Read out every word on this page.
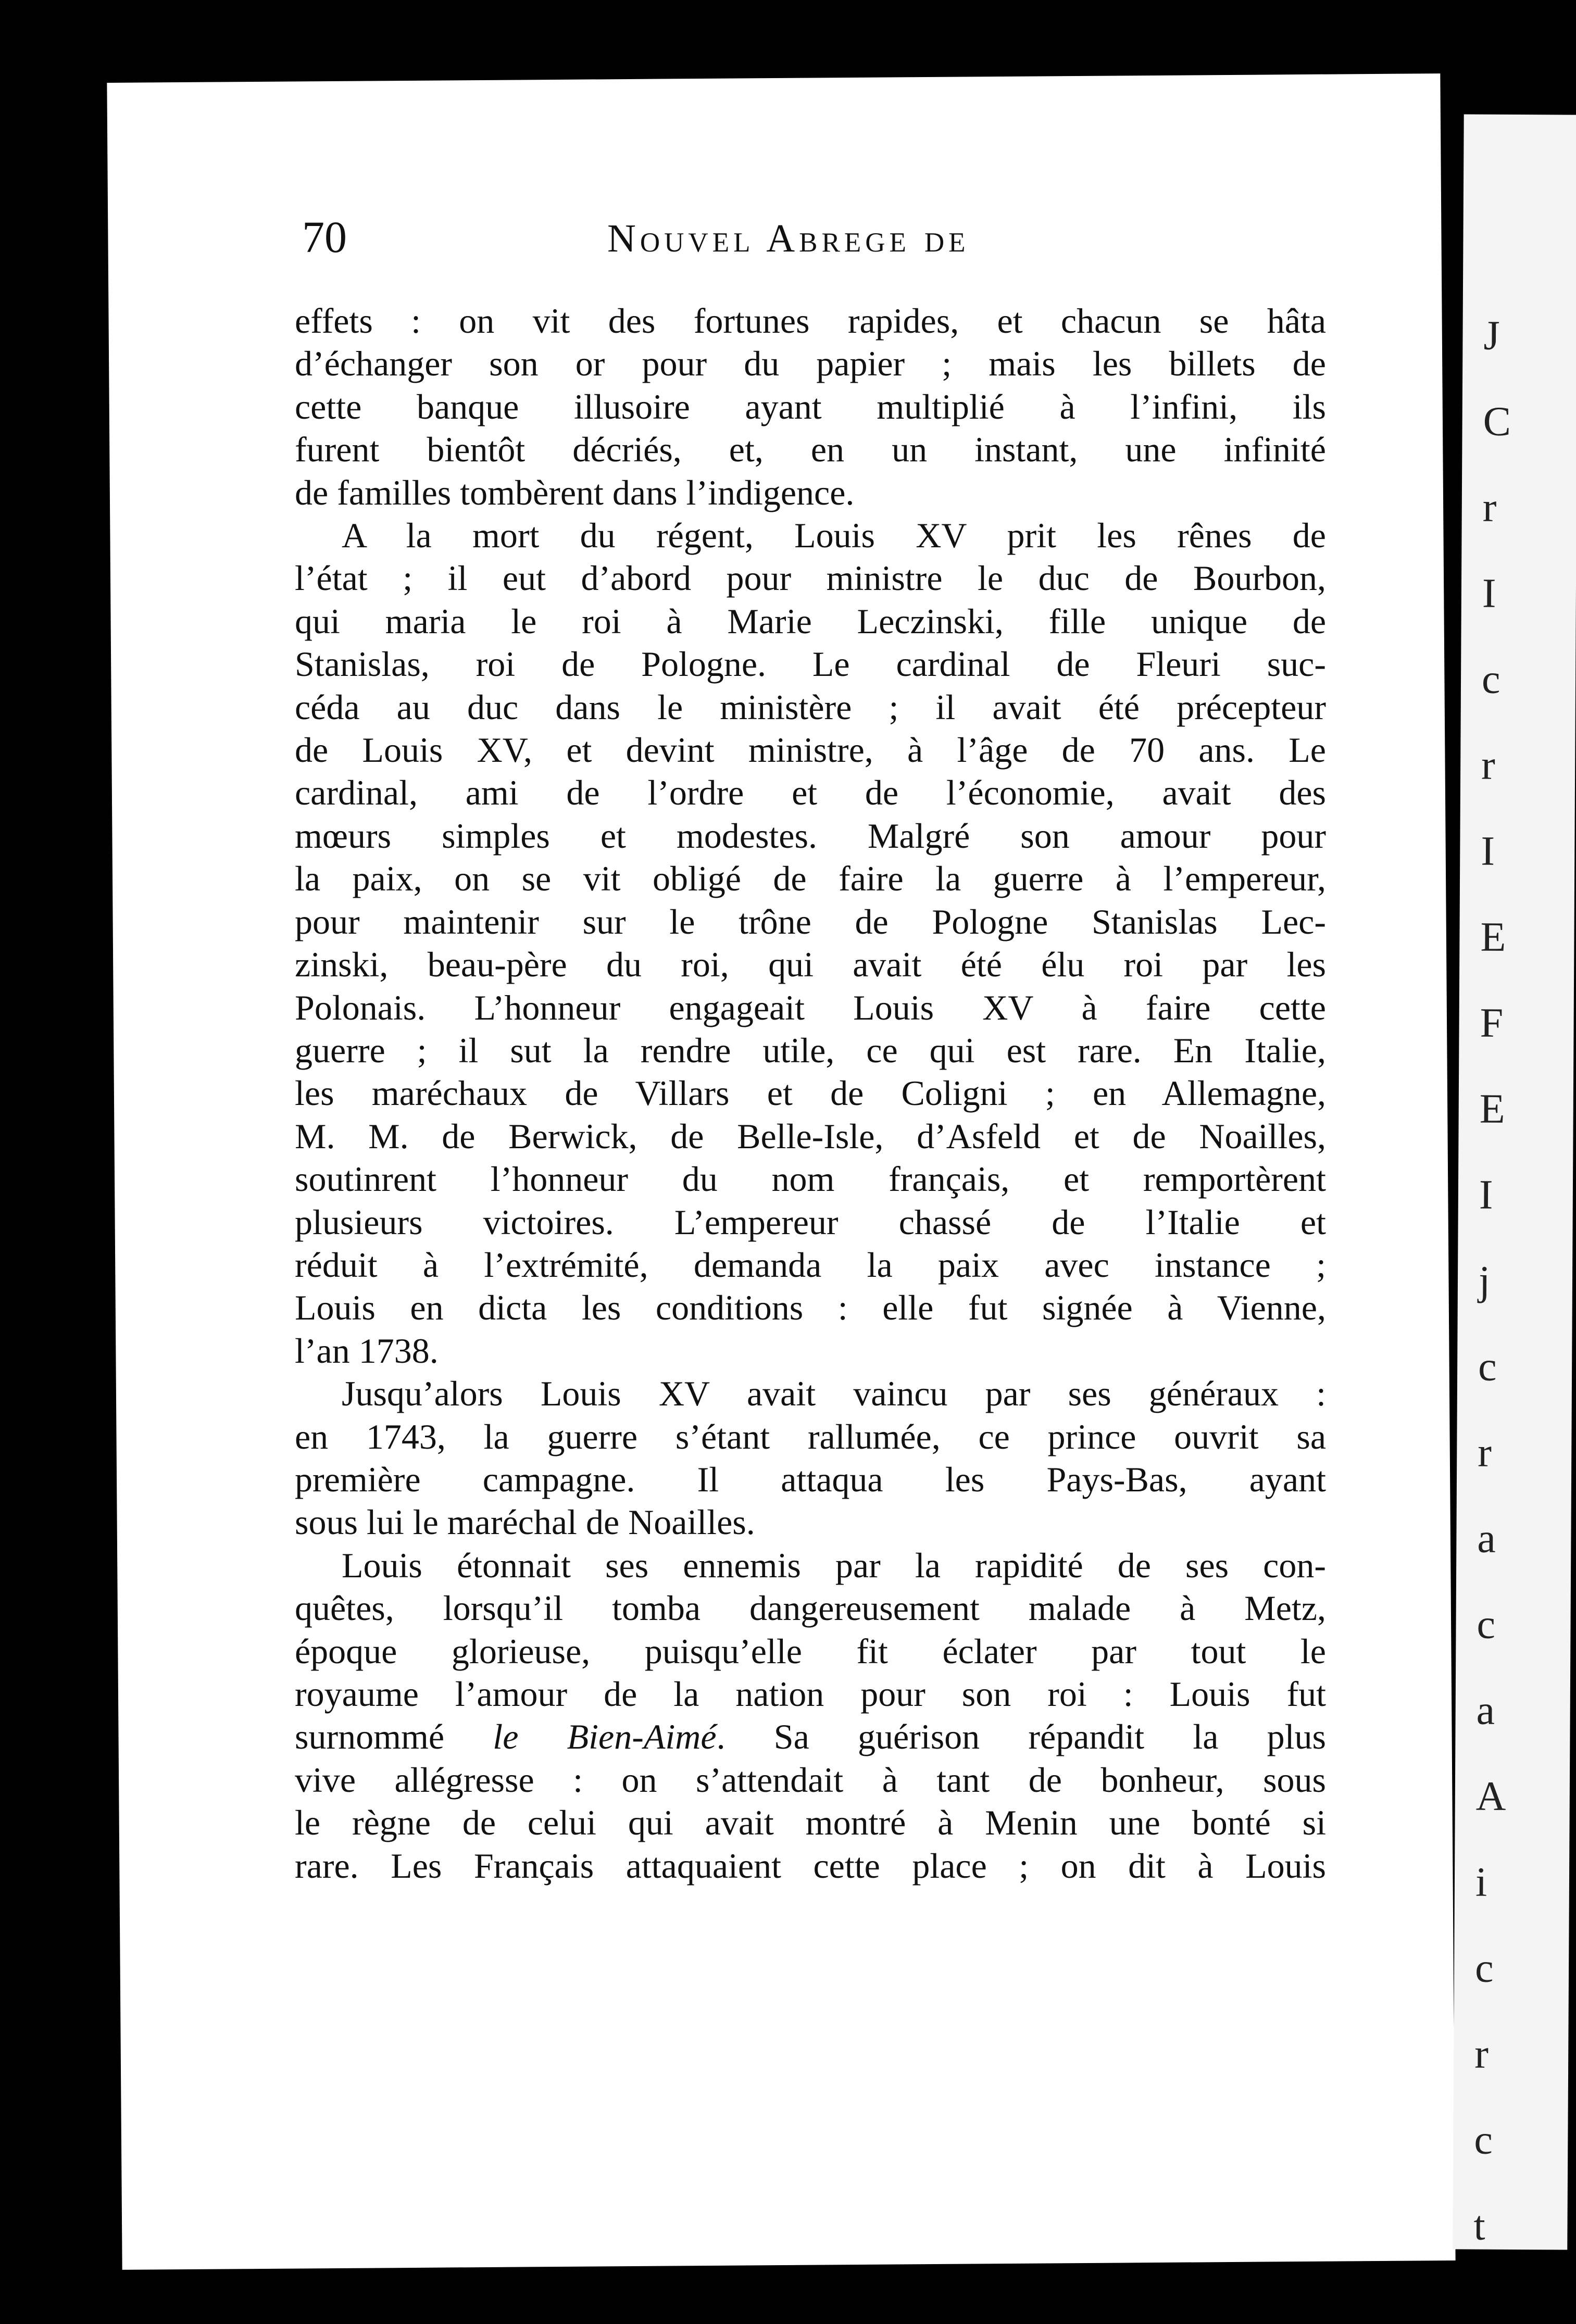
J
C
r
I
c
r
I
E
F
E
I
j
c
r
a
c
a
A
i
c
r
c
t
70	Nouvel Abrege de
effets : on vit des fortunes rapides, et chacun se hâta
d’échanger son or pour du papier ; mais les billets de
cette banque illusoire ayant multiplié à l’infini, ils
furent bientôt décriés, et, en un instant, une infinité
de familles tombèrent dans l’indigence.
A la mort du régent, Louis XV prit les rênes de
l’état ; il eut d’abord pour ministre le duc de Bourbon,
qui maria le roi à Marie Leczinski, fille unique de
Stanislas, roi de Pologne. Le cardinal de Fleuri suc-
céda au duc dans le ministère ; il avait été précepteur
de Louis XV, et devint ministre, à l’âge de 70 ans. Le
cardinal, ami de l’ordre et de l’économie, avait des
mœurs simples et modestes. Malgré son amour pour
la paix, on se vit obligé de faire la guerre à l’empereur,
pour maintenir sur le trône de Pologne Stanislas Lec-
zinski, beau-père du roi, qui avait été élu roi par les
Polonais. L’honneur engageait Louis XV à faire cette
guerre ; il sut la rendre utile, ce qui est rare. En Italie,
les maréchaux de Villars et de Coligni ; en Allemagne,
M. M. de Berwick, de Belle-Isle, d’Asfeld et de Noailles,
soutinrent l’honneur du nom français, et remportèrent
plusieurs victoires. L’empereur chassé de l’Italie et
réduit à l’extrémité, demanda la paix avec instance ;
Louis en dicta les conditions : elle fut signée à Vienne,
l’an 1738.
Jusqu’alors Louis XV avait vaincu par ses généraux :
en 1743, la guerre s’étant rallumée, ce prince ouvrit sa
première campagne. Il attaqua les Pays-Bas, ayant
sous lui le maréchal de Noailles.
Louis étonnait ses ennemis par la rapidité de ses con-
quêtes, lorsqu’il tomba dangereusement malade à Metz,
époque glorieuse, puisqu’elle fit éclater par tout le
royaume l’amour de la nation pour son roi : Louis fut
surnommé le Bien-Aimé. Sa guérison répandit la plus
vive allégresse : on s’attendait à tant de bonheur, sous
le règne de celui qui avait montré à Menin une bonté si
rare. Les Français attaquaient cette place ; on dit à Louis
